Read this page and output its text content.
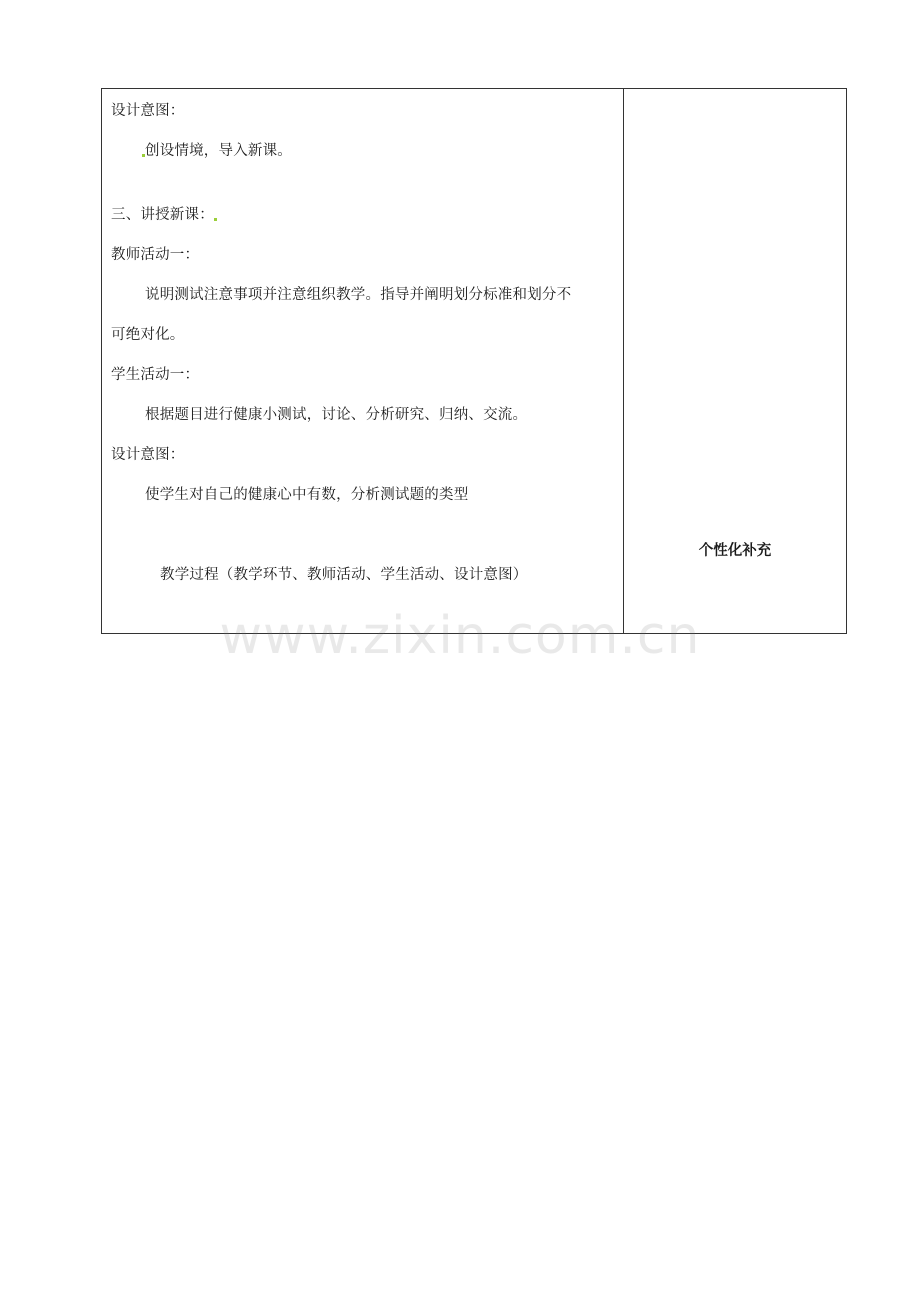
设计意图：
创设情境，导入新课。
三、讲授新课：
教师活动一：
说明测试注意事项并注意组织教学。指导并阐明划分标准和划分不
可绝对化。
学生活动一：
根据题目进行健康小测试，讨论、分析研究、归纳、交流。
设计意图：
使学生对自己的健康心中有数，分析测试题的类型
教学过程（教学环节、教师活动、学生活动、设计意图）
个性化补充
www.zixin.com.cn
